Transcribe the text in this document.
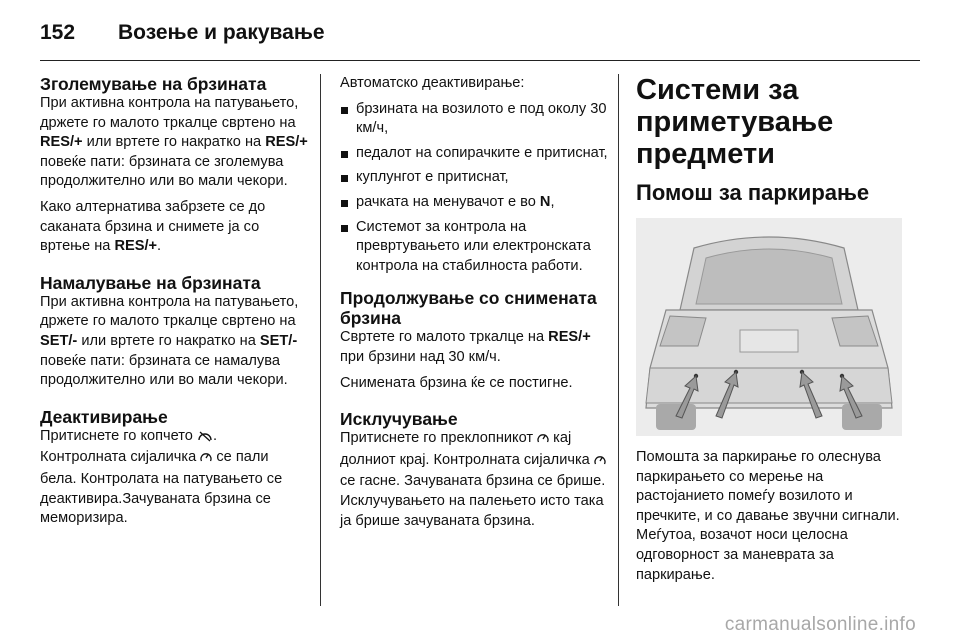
152	Возење и ракување
Зголемување на брзината

При активна контрола на патувањето, држете го малото тркалце свртено на RES/+ или вртете го накратко на RES/+ повеќе пати: брзината се зголемува продолжително или во мали чекори.

Како алтернатива забрзете се до саканата брзина и снимете ја со вртење на RES/+.

Намалување на брзината

При активна контрола на патувањето, држете го малото тркалце свртено на SET/- или вртете го накратко на SET/- повеќе пати: брзината се намалува продолжително или во мали чекори.

Деактивирање

Притиснете го копчето .

Контролната сијаличка  се пали бела. Контролата на патувањето се деактивира.Зачуваната брзина се меморизира.

Автоматско деактивирање:

брзината на возилото е под околу 30 км/ч,
педалот на сопирачките е притиснат,
куплунгот е притиснат,
рачката на менувачот е во N,
Системот за контрола на превртувањето или електронската контрола на стабилноста работи.
Продолжување со снимената брзина

Свртете го малото тркалце на RES/+ при брзини над 30 км/ч.

Снимената брзина ќе се постигне.

Исклучување

Притиснете го преклопникот  кај долниот крај. Контролната сијаличка  се гасне. Зачуваната брзина се брише. Исклучувањето на палењето исто така ја брише зачуваната брзина.

Системи за приметување предмети
Помош за паркирање

Помошта за паркирање го олеснува паркирањето со мерење на растојанието помеѓу возилото и пречките, и со давање звучни сигнали. Меѓутоа, возачот носи целосна одговорност за маневрата за паркирање.

carmanualsonline.info
